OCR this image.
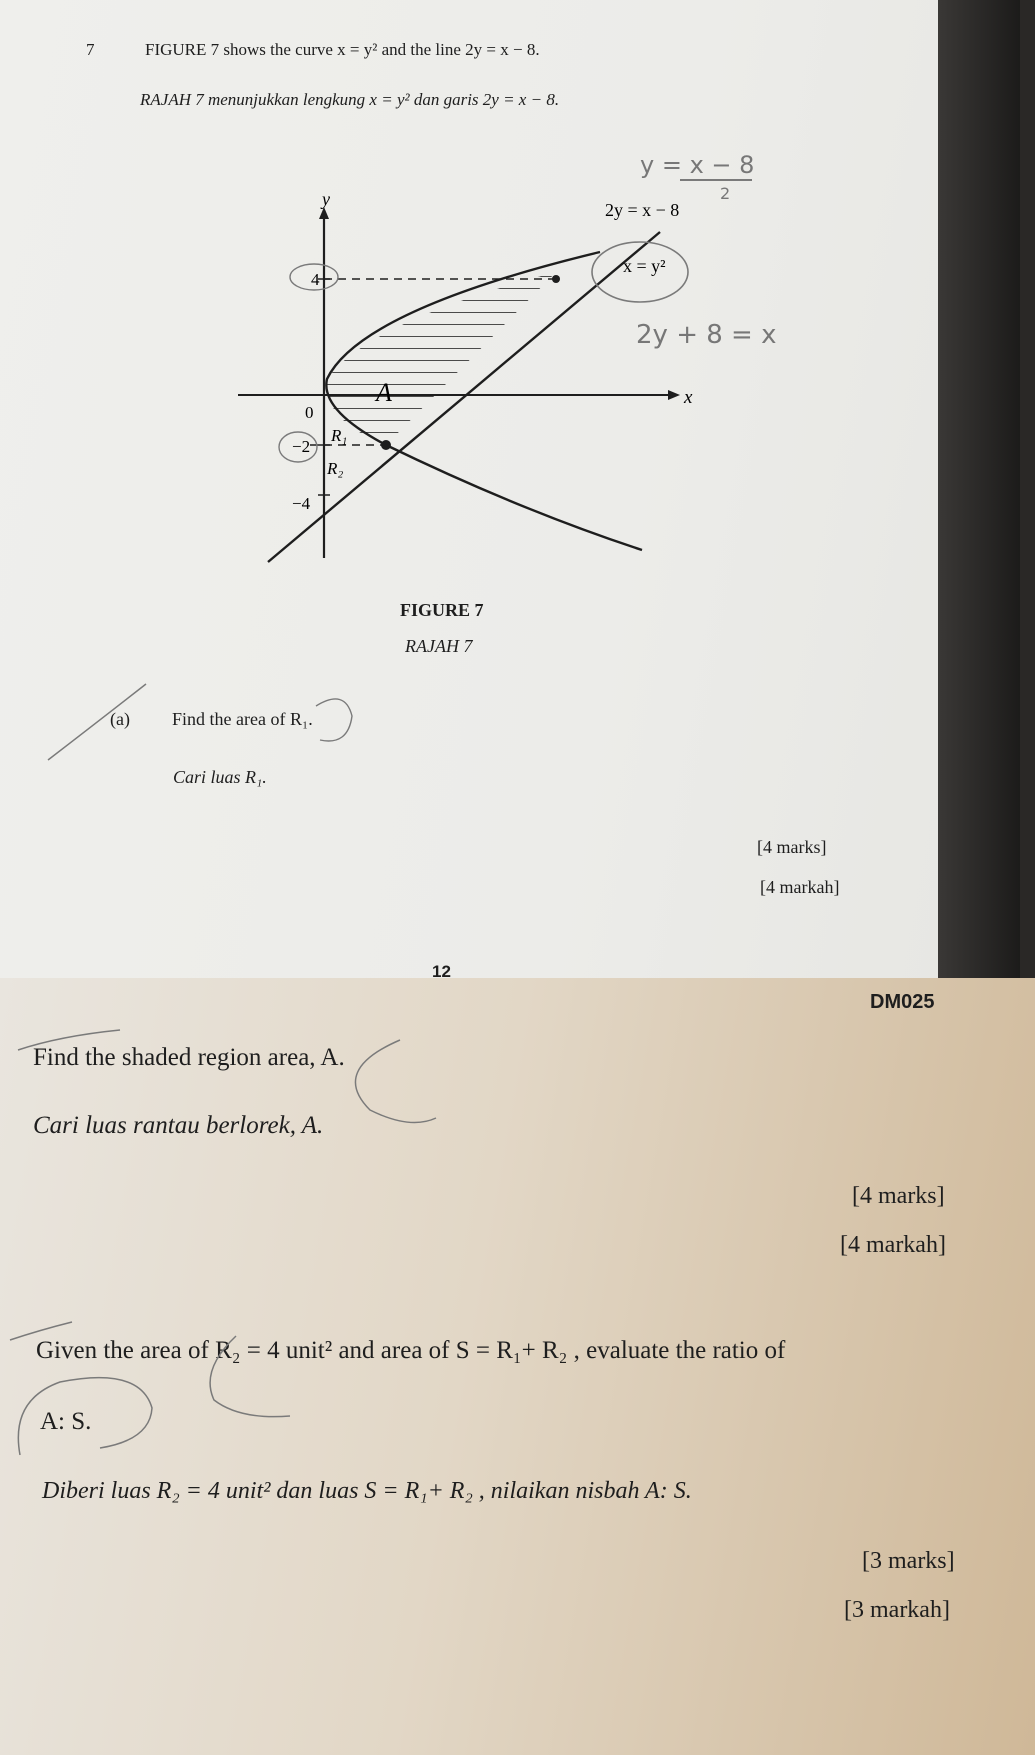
7	FIGURE 7 shows the curve x = y² and the line 2y = x − 8.
RAJAH 7 menunjukkan lengkung x = y² dan garis 2y = x − 8.
y
x
2y = x − 8
x = y²
4
0
−2
−4
A
R₁
R₂
y = x − 8
2
2y + 8 = x
(a) Find the area of R₁.
Cari luas R₁.
[4 marks]
[4 markah]
FIGURE 7
RAJAH 7
12
DM025
Find the shaded region area, A.
Cari luas rantau berlorek, A.
[4 marks]
[4 markah]
Given the area of R₂ = 4 unit² and area of S = R₁+ R₂ , evaluate the ratio of
A: S.
Diberi luas R₂ = 4 unit² dan luas S = R₁+ R₂ , nilaikan nisbah A: S.
[3 marks]
[3 markah]
